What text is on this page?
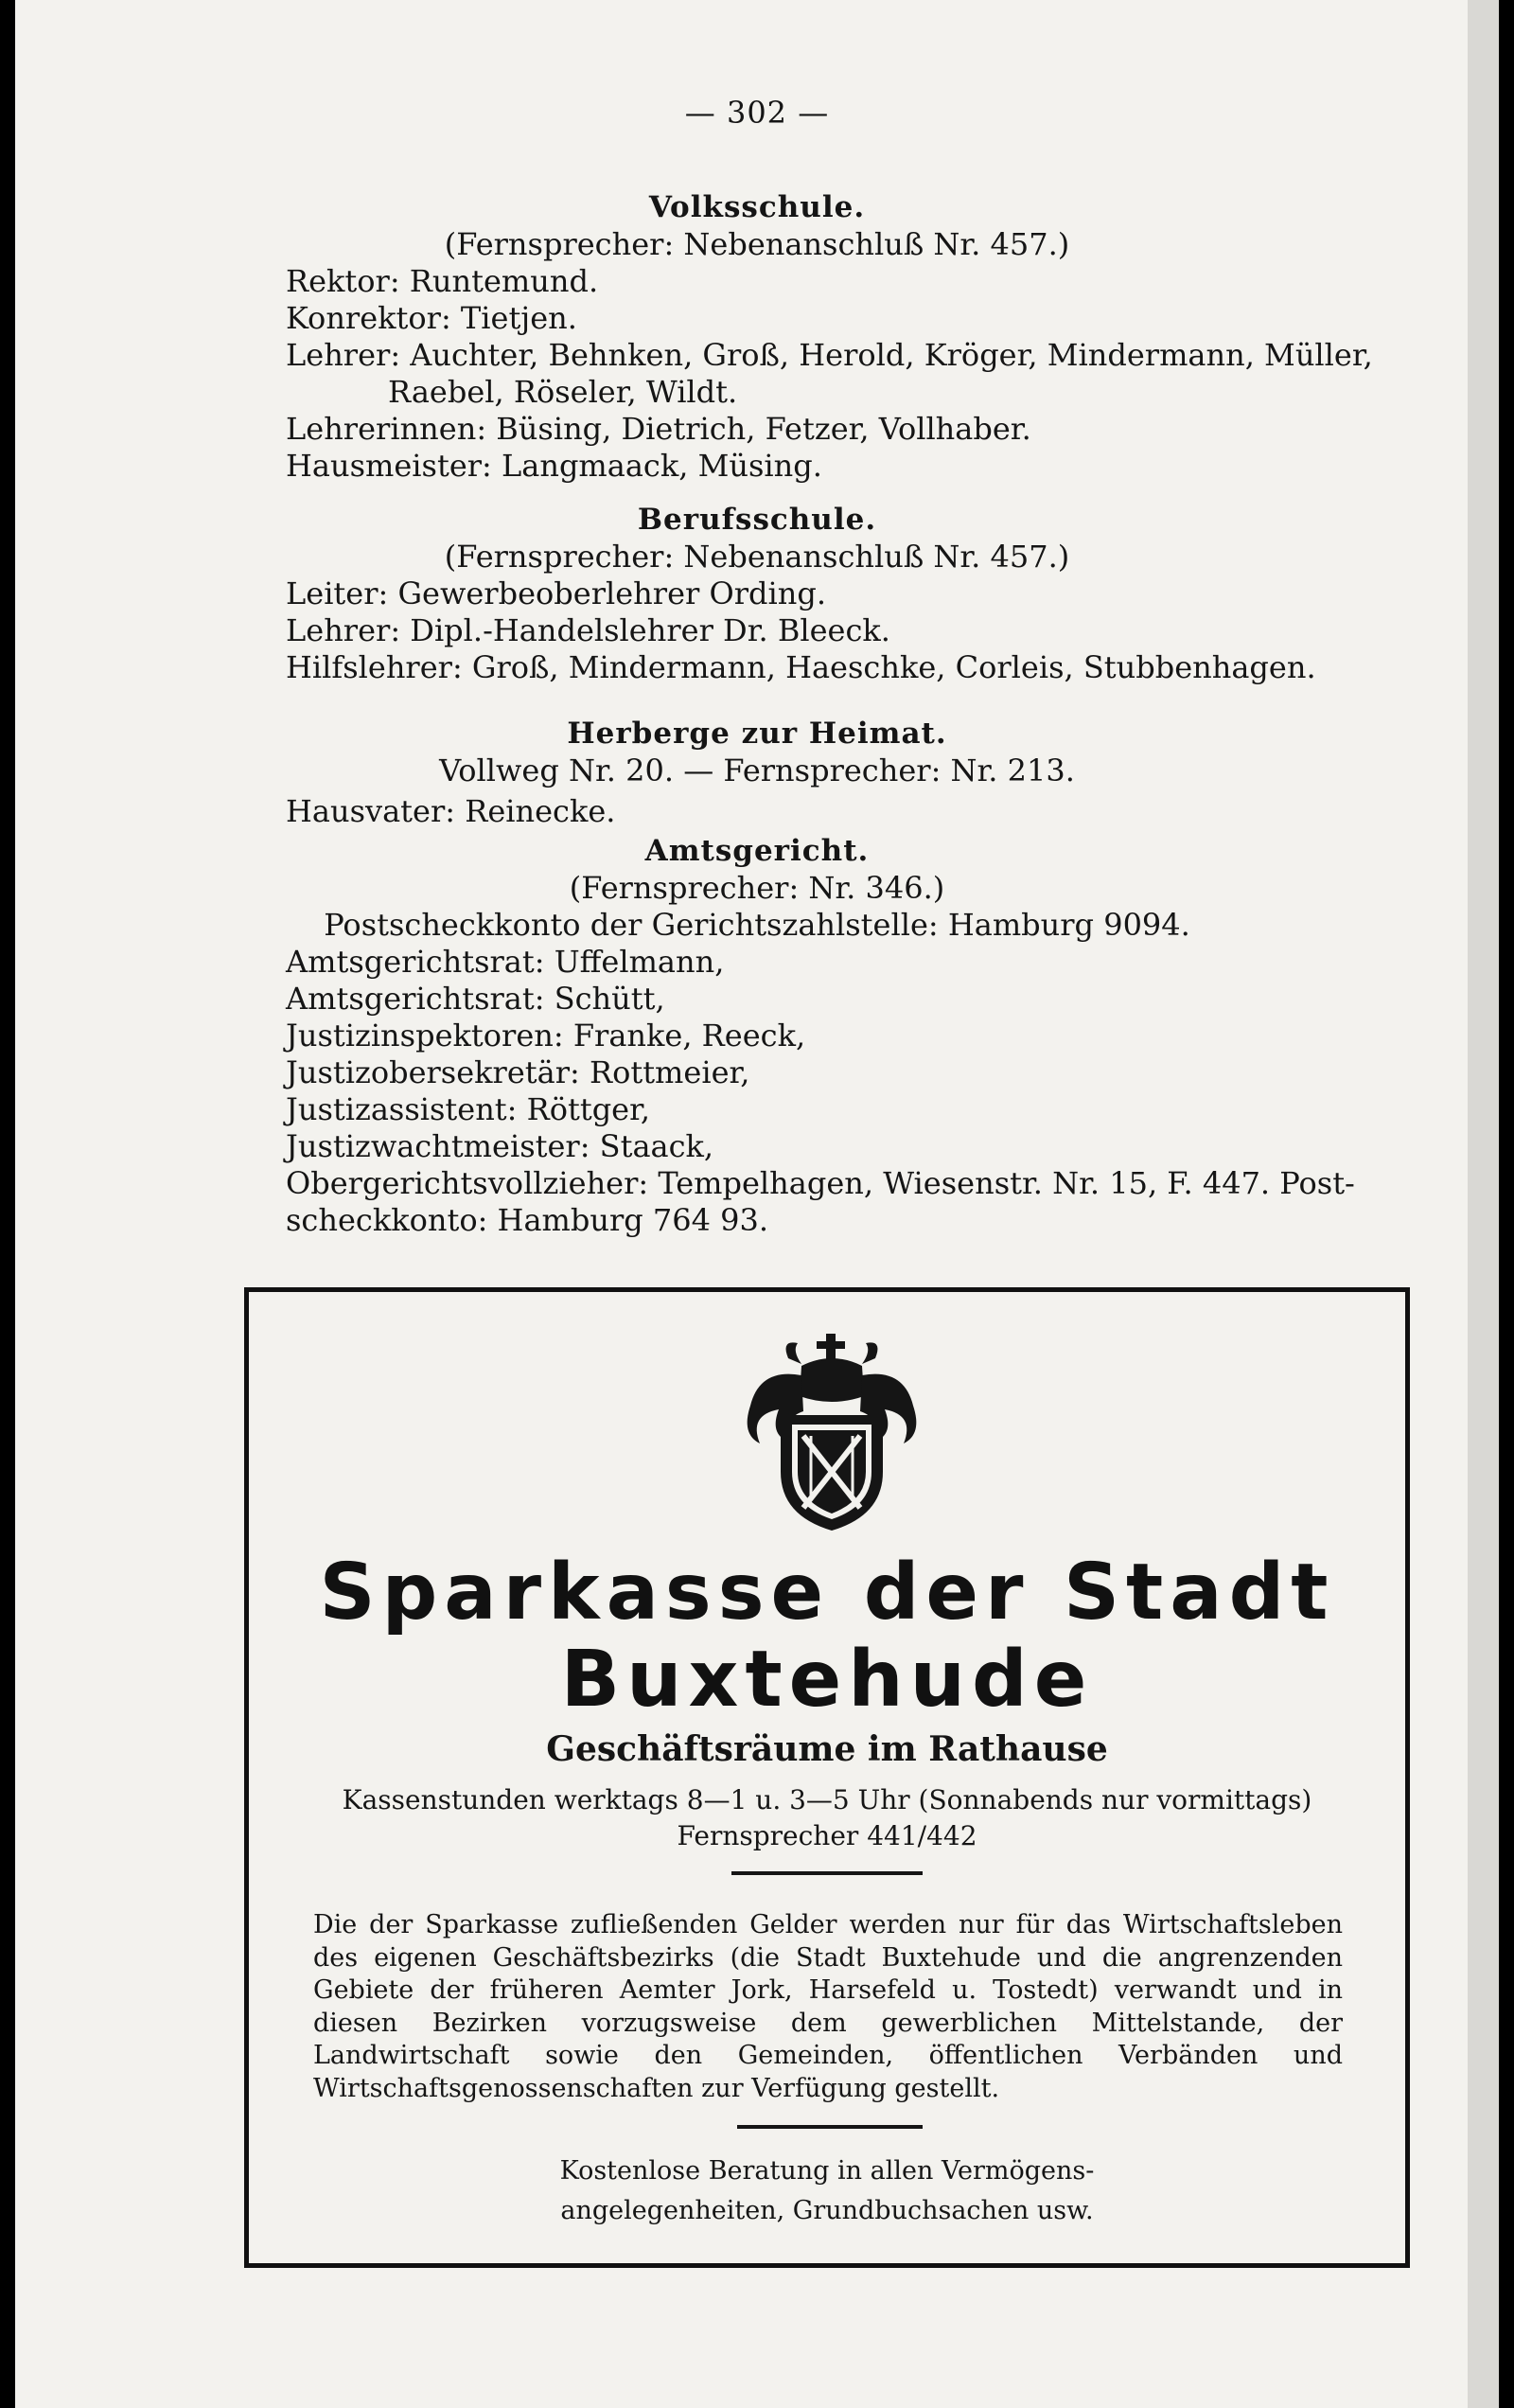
— 302 —
Volksschule.
(Fernsprecher: Nebenanschluß Nr. 457.)
Rektor: Runtemund.
Konrektor: Tietjen.
Lehrer: Auchter, Behnken, Groß, Herold, Kröger, Mindermann, Müller,
Raebel, Röseler, Wildt.
Lehrerinnen: Büsing, Dietrich, Fetzer, Vollhaber.
Hausmeister: Langmaack, Müsing.
Berufsschule.
(Fernsprecher: Nebenanschluß Nr. 457.)
Leiter: Gewerbeoberlehrer Ording.
Lehrer: Dipl.-Handelslehrer Dr. Bleeck.
Hilfslehrer: Groß, Mindermann, Haeschke, Corleis, Stubbenhagen.
Herberge zur Heimat.
Vollweg Nr. 20. — Fernsprecher: Nr. 213.
Hausvater: Reinecke.
Amtsgericht.
(Fernsprecher: Nr. 346.)
Postscheckkonto der Gerichtszahlstelle: Hamburg 9094.
Amtsgerichtsrat: Uffelmann,
Amtsgerichtsrat: Schütt,
Justizinspektoren: Franke, Reeck,
Justizobersekretär: Rottmeier,
Justizassistent: Röttger,
Justizwachtmeister: Staack,
Obergerichtsvollzieher: Tempelhagen, Wiesenstr. Nr. 15, F. 447. Post-
scheckkonto: Hamburg 764 93.
Sparkasse der Stadt
Buxtehude
Geschäftsräume im Rathause
Kassenstunden werktags 8—1 u. 3—5 Uhr (Sonnabends nur vormittags)
Fernsprecher 441/442
Die der Sparkasse zufließenden Gelder werden nur für das Wirtschaftsleben des eigenen Geschäftsbezirks (die Stadt Buxtehude und die angrenzenden Gebiete der früheren Aemter Jork, Harsefeld u. Tostedt) verwandt und in diesen Bezirken vorzugsweise dem gewerblichen Mittelstande, der Landwirtschaft sowie den Gemeinden, öffentlichen Verbänden und Wirtschaftsgenossenschaften zur Verfügung gestellt.
Kostenlose Beratung in allen Vermögens-
angelegenheiten, Grundbuchsachen usw.
